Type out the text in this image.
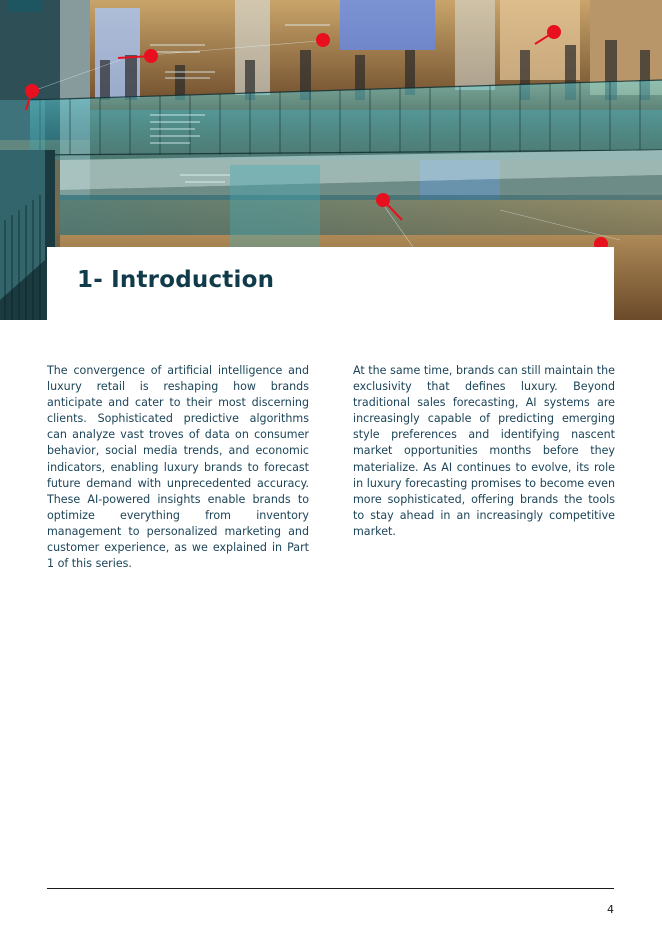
1- Introduction

The convergence of artificial intelligence and luxury retail is reshaping how brands anticipate and cater to their most discerning clients. Sophisticated predictive algorithms can analyze vast troves of data on consumer behavior, social media trends, and economic indicators, enabling luxury brands to forecast future demand with unprecedented accuracy. These AI-powered insights enable brands to optimize everything from inventory management to personalized marketing and customer experience, as we explained in Part 1 of this series.

At the same time, brands can still maintain the exclusivity that defines luxury. Beyond traditional sales forecasting, AI systems are increasingly capable of predicting emerging style preferences and identifying nascent market opportunities months before they materialize. As AI continues to evolve, its role in luxury forecasting promises to become even more sophisticated, offering brands the tools to stay ahead in an increasingly competitive market.

4
